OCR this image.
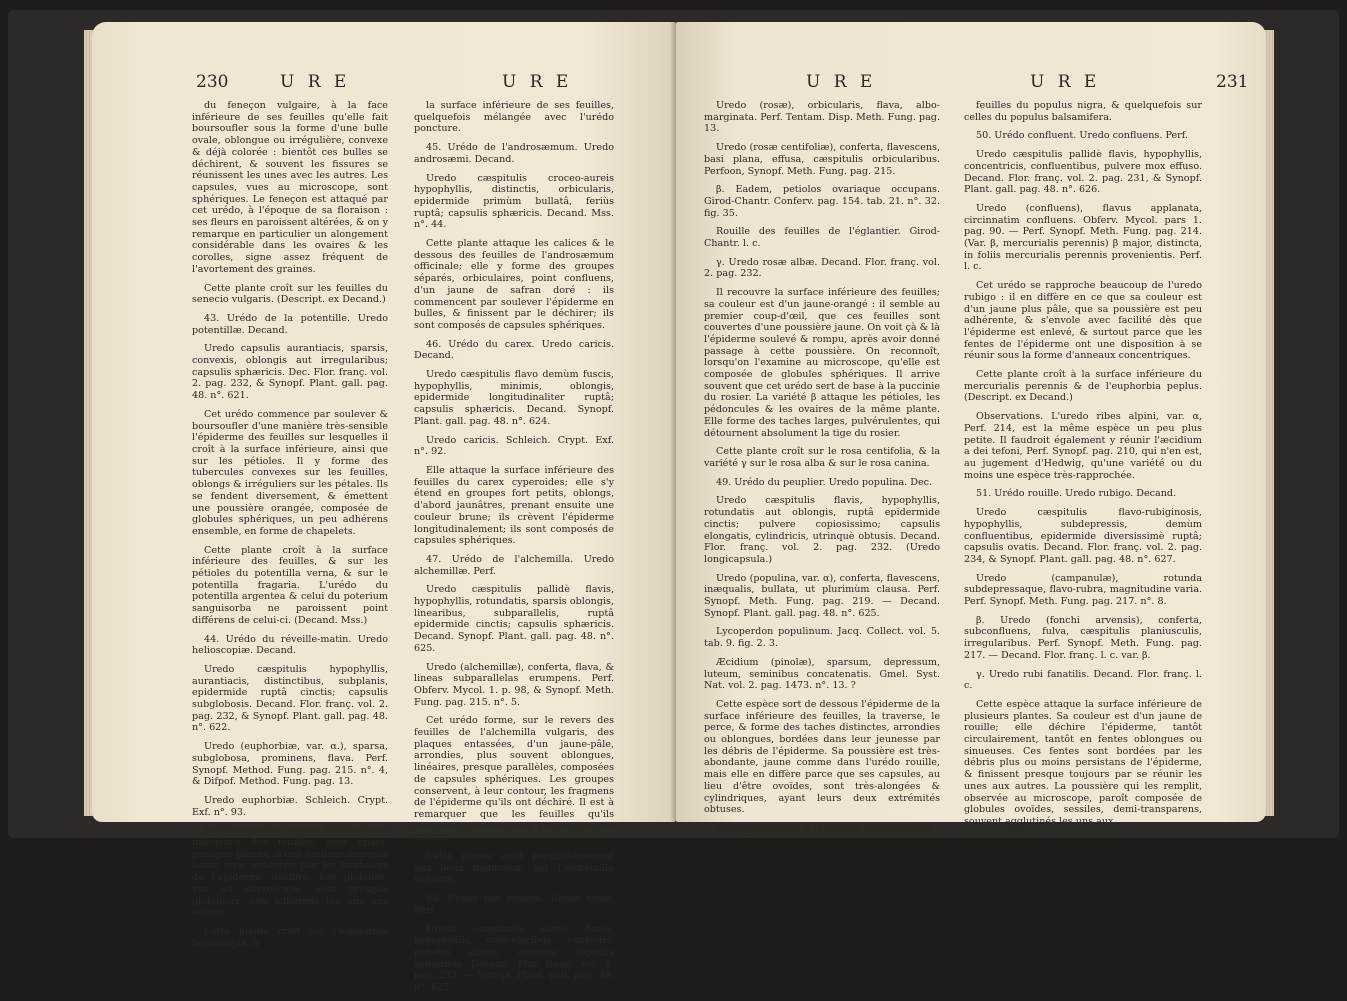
230	U R E	U R E

du feneçon vulgaire, à la face inférieure de ses feuilles qu'elle fait boursoufler sous la forme d'une bulle ovale, oblongue ou irrégulière, convexe & déjà colorée : bientôt ces bulles se déchirent, & souvent les fissures se réunissent les unes avec les autres. Les capsules, vues au microscope, sont sphériques. Le feneçon est attaqué par cet urédo, à l'époque de sa floraison : ses fleurs en paroissent altérées, & on y remarque en particulier un alongement considérable dans les ovaires & les corolles, signe assez fréquent de l'avortement des graines.

Cette plante croît sur les feuilles du senecio vulgaris. (Descript. ex Decand.)

43. Urédo de la potentille. Uredo potentillæ. Decand.

Uredo capsulis aurantiacis, sparsis, convexis, oblongis aut irregularibus; capsulis sphæricis. Dec. Flor. franç. vol. 2. pag. 232, & Synopf. Plant. gall. pag. 48. n°. 621.

Cet urédo commence par soulever & boursoufler d'une manière très-sensible l'épiderme des feuilles sur lesquelles il croît à la surface inférieure, ainsi que sur les pétioles. Il y forme des tubercules convexes sur les feuilles, oblongs & irréguliers sur les pétales. Ils se fendent diversement, & émettent une poussière orangée, composée de globules sphériques, un peu adhérens ensemble, en forme de chapelets.

Cette plante croît à la surface inférieure des feuilles, & sur les pétioles du potentilla verna, & sur le potentilla fragaria. L'urédo du potentilla argentea & celui du poterium sanguisorba ne paroissent point différens de celui-ci. (Decand. Mss.)

44. Urédo du réveille-matin. Uredo helioscopiæ. Decand.

Uredo cæspitulis hypophyllis, aurantiacis, distinctibus, subplanis, epidermide ruptâ cinctis; capsulis subglobosis. Decand. Flor. franç. vol. 2. pag. 232, & Synopf. Plant. gall. pag. 48. n°. 622.

Uredo (euphorbiæ, var. α.), sparsa, subglobosa, prominens, flava. Perf. Synopf. Method. Fung. pag. 215. n°. 4, & Difpof. Method. Fung. pag. 13.

Uredo euphorbiæ. Schleich. Crypt. Exf. n°. 93.

Ses tubercules, placés à la surface inférieure des feuilles, sont épars, presque planes, d'une couleur orangée assez vive, entourés par les lambeaux de l'épiderme déchiré. Les globules, vus au microscope, sont presque globuleux, peu adhérens les uns aux autres.

Cette plante croît sur l'euphorbia helioscopia, à

la surface inférieure de ses feuilles, quelquefois mélangée avec l'urédo poncture.

45. Urédo de l'androsæmum. Uredo androsæmi. Decand.

Uredo cæspitulis croceo-aureis hypophyllis, distinctis, orbicularis, epidermide primùm bullatâ, feriùs ruptâ; capsulis sphæricis. Decand. Mss. n°. 44.

Cette plante attaque les calices & le dessous des feuilles de l'androsæmum officinale; elle y forme des groupes séparés, orbiculaires, point confluens, d'un jaune de safran doré : ils commencent par soulever l'épiderme en bulles, & finissent par le déchirer; ils sont composés de capsules sphériques.

46. Urédo du carex. Uredo caricis. Decand.

Uredo cæspitulis flavo demùm fuscis, hypophyllis, minimis, oblongis, epidermide longitudinaliter ruptâ; capsulis sphæricis. Decand. Synopf. Plant. gall. pag. 48. n°. 624.

Uredo caricis. Schleich. Crypt. Exf. n°. 92.

Elle attaque la surface inférieure des feuilles du carex cyperoides; elle s'y étend en groupes fort petits, oblongs, d'abord jaunâtres, prenant ensuite une couleur brune; ils crèvent l'épiderme longitudinalement; ils sont composés de capsules sphériques.

47. Urédo de l'alchemilla. Uredo alchemillæ. Perf.

Uredo cæspitulis pallidè flavis, hypophyllis, rotundatis, sparsis oblongis, linearibus, subparallelis, ruptâ epidermide cinctis; capsulis sphæricis. Decand. Synopf. Plant. gall. pag. 48. n°. 625.

Uredo (alchemillæ), conferta, flava, & lineas subparallelas erumpens. Perf. Obferv. Mycol. 1. p. 98, & Synopf. Meth. Fung. pag. 215. n°. 5.

Cet urédo forme, sur le revers des feuilles de l'alchemilla vulgaris, des plaques entassées, d'un jaune-pâle, arrondies, plus souvent oblongues, linéaires, presque parallèles, composées de capsules sphériques. Les groupes conservent, à leur contour, les fragmens de l'épiderme qu'ils ont déchiré. Il est à remarquer que les feuilles qu'ils attaquent, restent plus petites que les autres.

Cette plante croît particulièrement aux lieux montueux, sur l'alchemilla vulgaris.

48. Urédo des rosiers. Uredo rosæ. Perf.

Uredo cæspitulis aureo flavis, hypophyllis, orbicularibus, confertis; pulvere effuso, copioso; capsulis sphæricis. Decand. Flor. franç. vol. 2. pag. 232. — Synopf. Plant. gall. pag. 48. n°. 625.

U R E	U R E	231

Uredo (rosæ), orbicularis, flava, albo-marginata. Perf. Tentam. Disp. Meth. Fung. pag. 13.

Uredo (rosæ centifoliæ), conferta, flavescens, basi plana, effusa, cæspitulis orbicularibus. Perfoon, Synopf. Meth. Fung. pag. 215.

β. Eadem, petiolos ovariaque occupans. Girod-Chantr. Conferv. pag. 154. tab. 21. n°. 32. fig. 35.

Rouille des feuilles de l'églantier. Girod-Chantr. l. c.

γ. Uredo rosæ albæ. Decand. Flor. franç. vol. 2. pag. 232.

Il recouvre la surface inférieure des feuilles; sa couleur est d'un jaune-orangé : il semble au premier coup-d'œil, que ces feuilles sont couvertes d'une poussière jaune. On voit çà & là l'épiderme soulevé & rompu, après avoir donné passage à cette poussière. On reconnoît, lorsqu'on l'examine au microscope, qu'elle est composée de globules sphériques. Il arrive souvent que cet urédo sert de base à la puccinie du rosier. La variété β attaque les pétioles, les pédoncules & les ovaires de la même plante. Elle forme des taches larges, pulvérulentes, qui détournent absolument la tige du rosier.

Cette plante croît sur le rosa centifolia, & la variété γ sur le rosa alba & sur le rosa canina.

49. Urédo du peuplier. Uredo populina. Dec.

Uredo cæspitulis flavis, hypophyllis, rotundatis aut oblongis, ruptâ epidermide cinctis; pulvere copiosissimo; capsulis elongatis, cylindricis, utrinquè obtusis. Decand. Flor. franç. vol. 2. pag. 232. (Uredo longicapsula.)

Uredo (populina, var. α), conferta, flavescens, inæqualis, bullata, ut plurimùm clausa. Perf. Synopf. Meth. Fung. pag. 219. — Decand. Synopf. Plant. gall. pag. 48. n°. 625.

Lycoperdon populinum. Jacq. Collect. vol. 5. tab. 9. fig. 2. 3.

Æcidium (pinolæ), sparsum, depressum, luteum, seminibus concatenatis. Gmel. Syst. Nat. vol. 2. pag. 1473. n°. 13. ?

Cette espèce sort de dessous l'épiderme de la surface inférieure des feuilles, la traverse, le perce, & forme des taches distinctes, arrondies ou oblongues, bordées dans leur jeunesse par les débris de l'épiderme. Sa poussière est très-abondante, jaune comme dans l'urédo rouille, mais elle en diffère parce que ses capsules, au lieu d'être ovoïdes, sont très-alongées & cylindriques, ayant leurs deux extrémités obtuses.

Cette plante croît à la surface inférieure des

feuilles du populus nigra, & quelquefois sur celles du populus balsamifera.

50. Urédo confluent. Uredo confluens. Perf.

Uredo cæspitulis pallidè flavis, hypophyllis, concentricis, confluentibus, pulvere mox effuso. Decand. Flor. franç. vol. 2. pag. 231, & Synopf. Plant. gall. pag. 48. n°. 626.

Uredo (confluens), flavus applanata, circinnatim confluens. Obferv. Mycol. pars 1. pag. 90. — Perf. Synopf. Meth. Fung. pag. 214. (Var. β, mercurialis perennis) β major, distincta, in foliis mercurialis perennis provenientis. Perf. l. c.

Cet urédo se rapproche beaucoup de l'uredo rubigo : il en diffère en ce que sa couleur est d'un jaune plus pâle, que sa poussière est peu adhérente, & s'envole avec facilité dès que l'épiderme est enlevé, & surtout parce que les fentes de l'épiderme ont une disposition à se réunir sous la forme d'anneaux concentriques.

Cette plante croît à la surface inférieure du mercurialis perennis & de l'euphorbia peplus. (Descript. ex Decand.)

Observations. L'uredo ribes alpini, var. α, Perf. 214, est la même espèce un peu plus petite. Il faudroit également y réunir l'æcidium a dei tefoni, Perf. Synopf. pag. 210, qui n'en est, au jugement d'Hedwig, qu'une variété ou du moins une espèce très-rapprochée.

51. Urédo rouille. Uredo rubigo. Decand.

Uredo cæspitulis flavo-rubiginosis, hypophyllis, subdepressis, demùm confluentibus, epidermide diversissimè ruptâ; capsulis ovatis. Decand. Flor. franç. vol. 2. pag. 234, & Synopf. Plant. gall. pag. 48. n°. 627.

Uredo (campanulæ), rotunda subdepressaque, flavo-rubra, magnitudine varia. Perf. Synopf. Meth. Fung. pag. 217. n°. 8.

β. Uredo (fonchi arvensis), conferta, subconfluens, fulva, cæspitulis planiusculis, irregularibus. Perf. Synopf. Meth. Fung. pag. 217. — Decand. Flor. franç. l. c. var. β.

γ. Uredo rubi fanatilis. Decand. Flor. franç. l. c.

Cette espèce attaque la surface inférieure de plusieurs plantes. Sa couleur est d'un jaune de rouille; elle déchire l'épiderme, tantôt circulairement, tantôt en fentes oblongues ou sinueuses. Ces fentes sont bordées par les débris plus ou moins persistans de l'épiderme, & finissent presque toujours par se réunir les unes aux autres. La poussière qui les remplit, observée au microscope, paroît composée de globules ovoïdes, sessiles, demi-transparens, souvent agglutinés les uns aux
